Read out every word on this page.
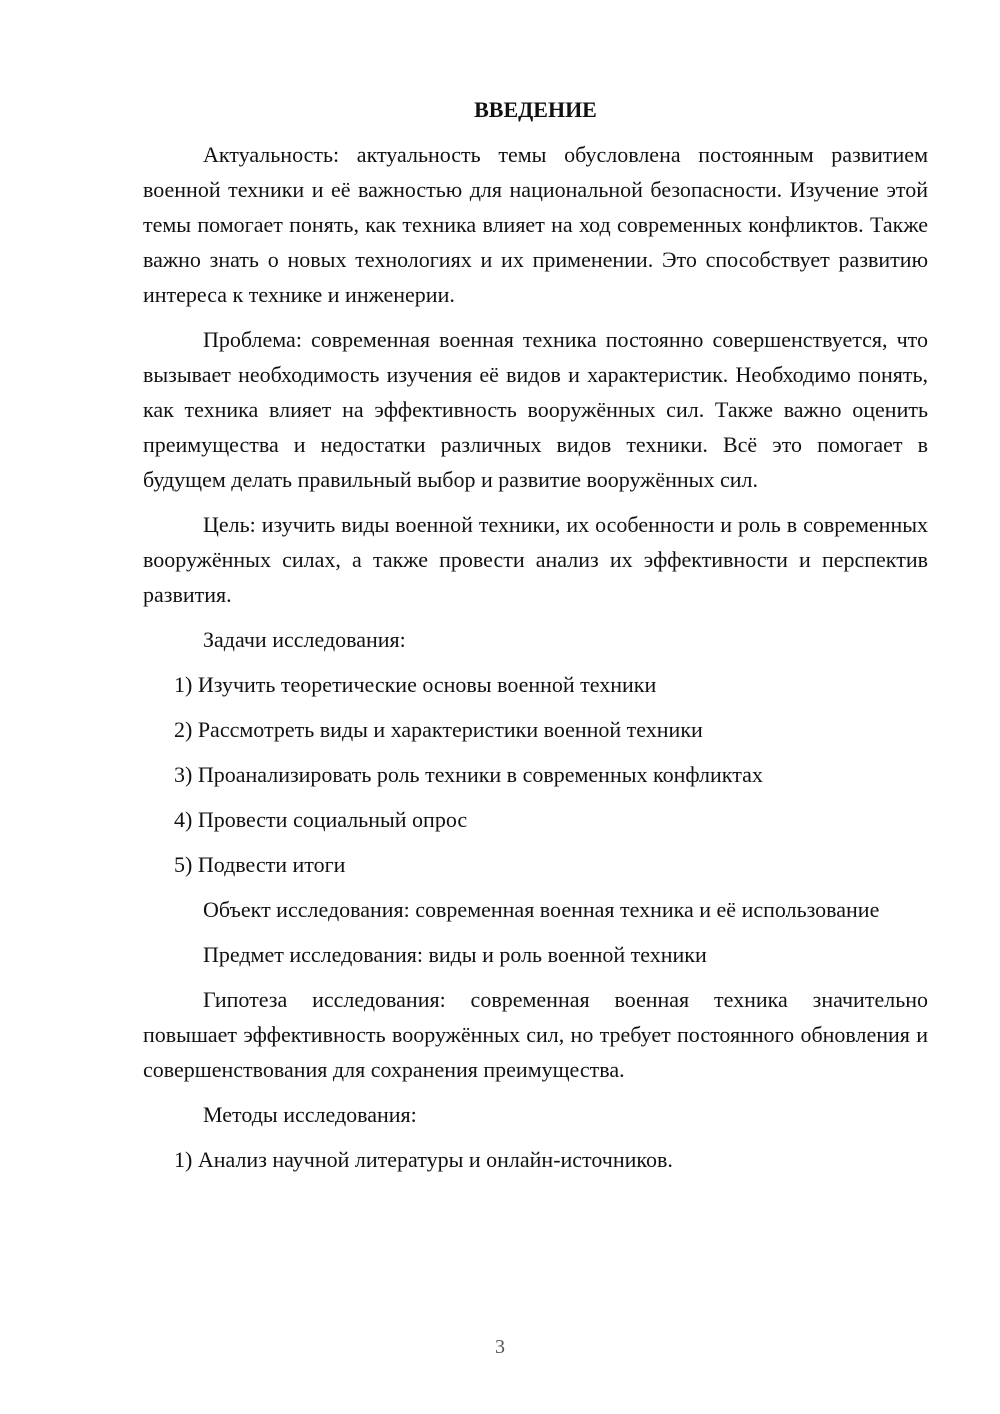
ВВЕДЕНИЕ
Актуальность: актуальность темы обусловлена постоянным развитием военной техники и её важностью для национальной безопасности. Изучение этой темы помогает понять, как техника влияет на ход современных конфликтов. Также важно знать о новых технологиях и их применении. Это способствует развитию интереса к технике и инженерии.
Проблема: современная военная техника постоянно совершенствуется, что вызывает необходимость изучения её видов и характеристик. Необходимо понять, как техника влияет на эффективность вооружённых сил. Также важно оценить преимущества и недостатки различных видов техники. Всё это помогает в будущем делать правильный выбор и развитие вооружённых сил.
Цель: изучить виды военной техники, их особенности и роль в современных вооружённых силах, а также провести анализ их эффективности и перспектив развития.
Задачи исследования:
1) Изучить теоретические основы военной техники
2) Рассмотреть виды и характеристики военной техники
3) Проанализировать роль техники в современных конфликтах
4) Провести социальный опрос
5) Подвести итоги
Объект исследования: современная военная техника и её использование
Предмет исследования: виды и роль военной техники
Гипотеза исследования: современная военная техника значительно повышает эффективность вооружённых сил, но требует постоянного обновления и совершенствования для сохранения преимущества.
Методы исследования:
1) Анализ научной литературы и онлайн-источников.
3
